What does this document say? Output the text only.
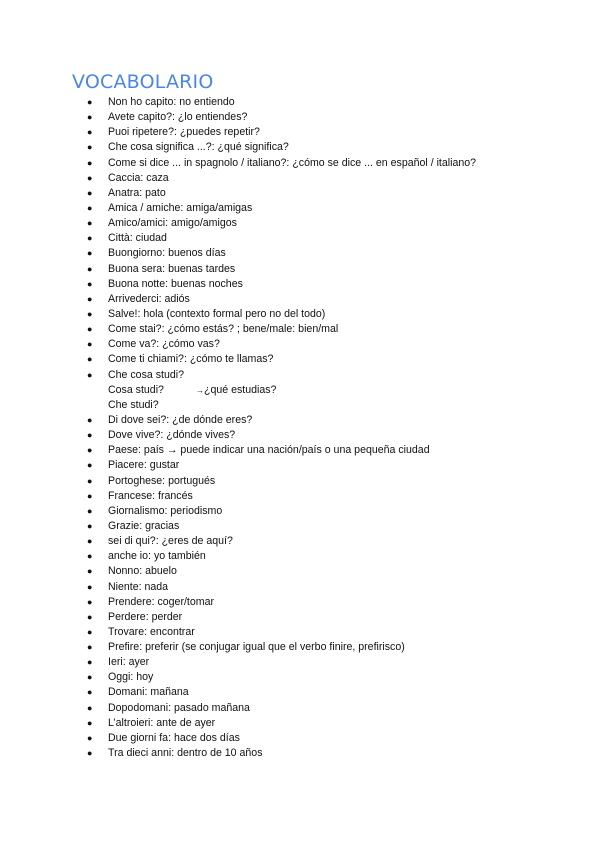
VOCABOLARIO
● Non ho capito: no entiendo
● Avete capito?: ¿lo entiendes?
● Puoi ripetere?: ¿puedes repetir?
● Che cosa significa ...?: ¿qué significa?
● Come si dice ... in spagnolo / italiano?: ¿cómo se dice ... en español / italiano?
● Caccia: caza
● Anatra: pato
● Amica / amiche: amiga/amigas
● Amico/amici: amigo/amigos
● Città: ciudad
● Buongiorno: buenos días
● Buona sera: buenas tardes
● Buona notte: buenas noches
● Arrivederci: adiós
● Salve!: hola (contexto formal pero no del todo)
● Come stai?: ¿cómo estás? ; bene/male: bien/mal
● Come va?: ¿cómo vas?
● Come ti chiami?: ¿cómo te llamas?
● Che cosa studi?
Cosa studi?	→ ¿qué estudias?
Che studi?
● Di dove sei?: ¿de dónde eres?
● Dove vive?: ¿dónde vives?
● Paese: país → puede indicar una nación/país o una pequeña ciudad
● Piacere: gustar
● Portoghese: portugués
● Francese: francés
● Giornalismo: periodismo
● Grazie: gracias
● sei di qui?: ¿eres de aquí?
● anche io: yo también
● Nonno: abuelo
● Niente: nada
● Prendere: coger/tomar
● Perdere: perder
● Trovare: encontrar
● Prefire: preferir (se conjugar igual que el verbo finire, prefirisco)
● Ieri: ayer
● Oggi: hoy
● Domani: mañana
● Dopodomani: pasado mañana
● L’altroieri: ante de ayer
● Due giorni fa: hace dos días
● Tra dieci anni: dentro de 10 años
